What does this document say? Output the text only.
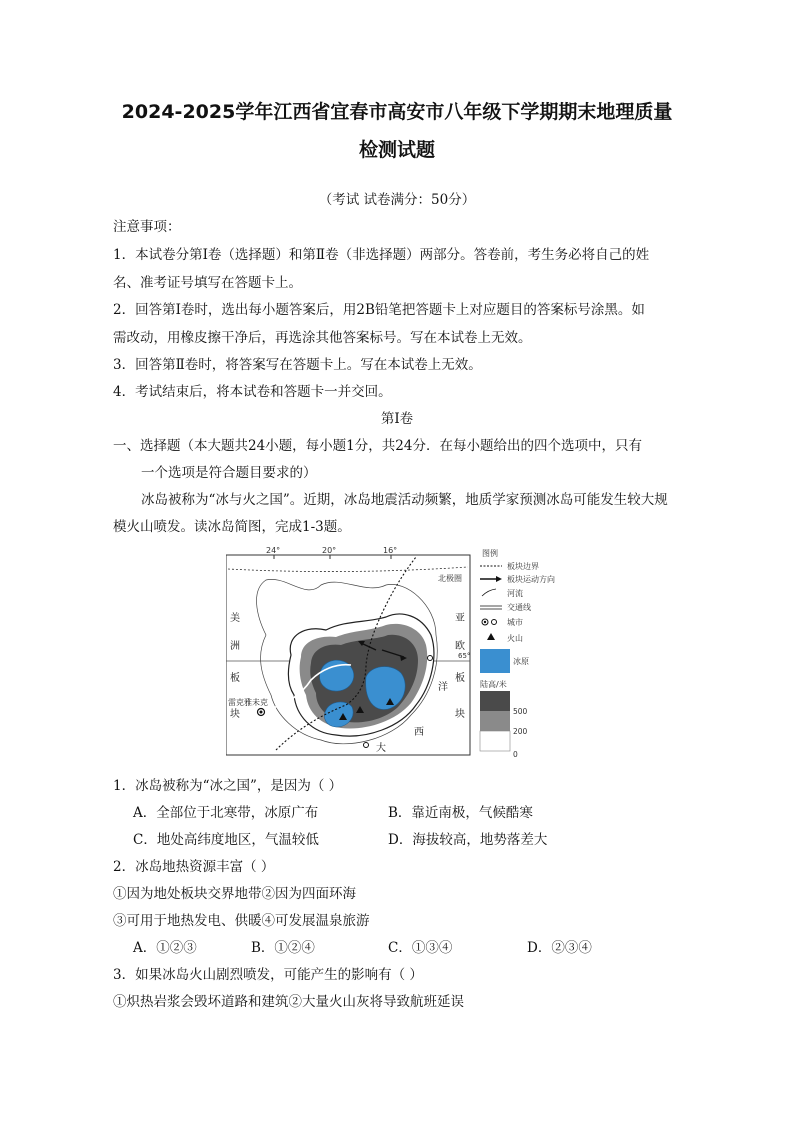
2024-2025学年江西省宜春市高安市八年级下学期期末地理质量
检测试题
（考试 试卷满分：50分）
注意事项：
1．本试卷分第Ⅰ卷（选择题）和第Ⅱ卷（非选择题）两部分。答卷前，考生务必将自己的姓
名、准考证号填写在答题卡上。
2．回答第Ⅰ卷时，选出每小题答案后，用2B铅笔把答题卡上对应题目的答案标号涂黑。如
需改动，用橡皮擦干净后，再选涂其他答案标号。写在本试卷上无效。
3．回答第Ⅱ卷时，将答案写在答题卡上。写在本试卷上无效。
4．考试结束后，将本试卷和答题卡一并交回。
第Ⅰ卷
一、选择题（本大题共24小题，每小题1分，共24分．在每小题给出的四个选项中，只有
一个选项是符合题目要求的）
冰岛被称为“冰与火之国”。近期，冰岛地震活动频繁，地质学家预测冰岛可能发生较大规
模火山喷发。读冰岛简图，完成1-3题。
24°	20°	16°
北极圈
65°
雷克雅未克
美
洲
板
块
亚
欧
板
块
洋
大
西
图例
板块边界
板块运动方向
河流
交通线
城市
火山
冰原
陆高/米
500
200
0
1．冰岛被称为“冰之国”，是因为（ ）
A．全部位于北寒带，冰原广布	B．靠近南极，气候酷寒
C．地处高纬度地区，气温较低	D．海拔较高，地势落差大
2．冰岛地热资源丰富（ ）
①因为地处板块交界地带②因为四面环海
③可用于地热发电、供暖④可发展温泉旅游
A．①②③	B．①②④	C．①③④	D．②③④
3．如果冰岛火山剧烈喷发，可能产生的影响有（ ）
①炽热岩浆会毁坏道路和建筑②大量火山灰将导致航班延误
